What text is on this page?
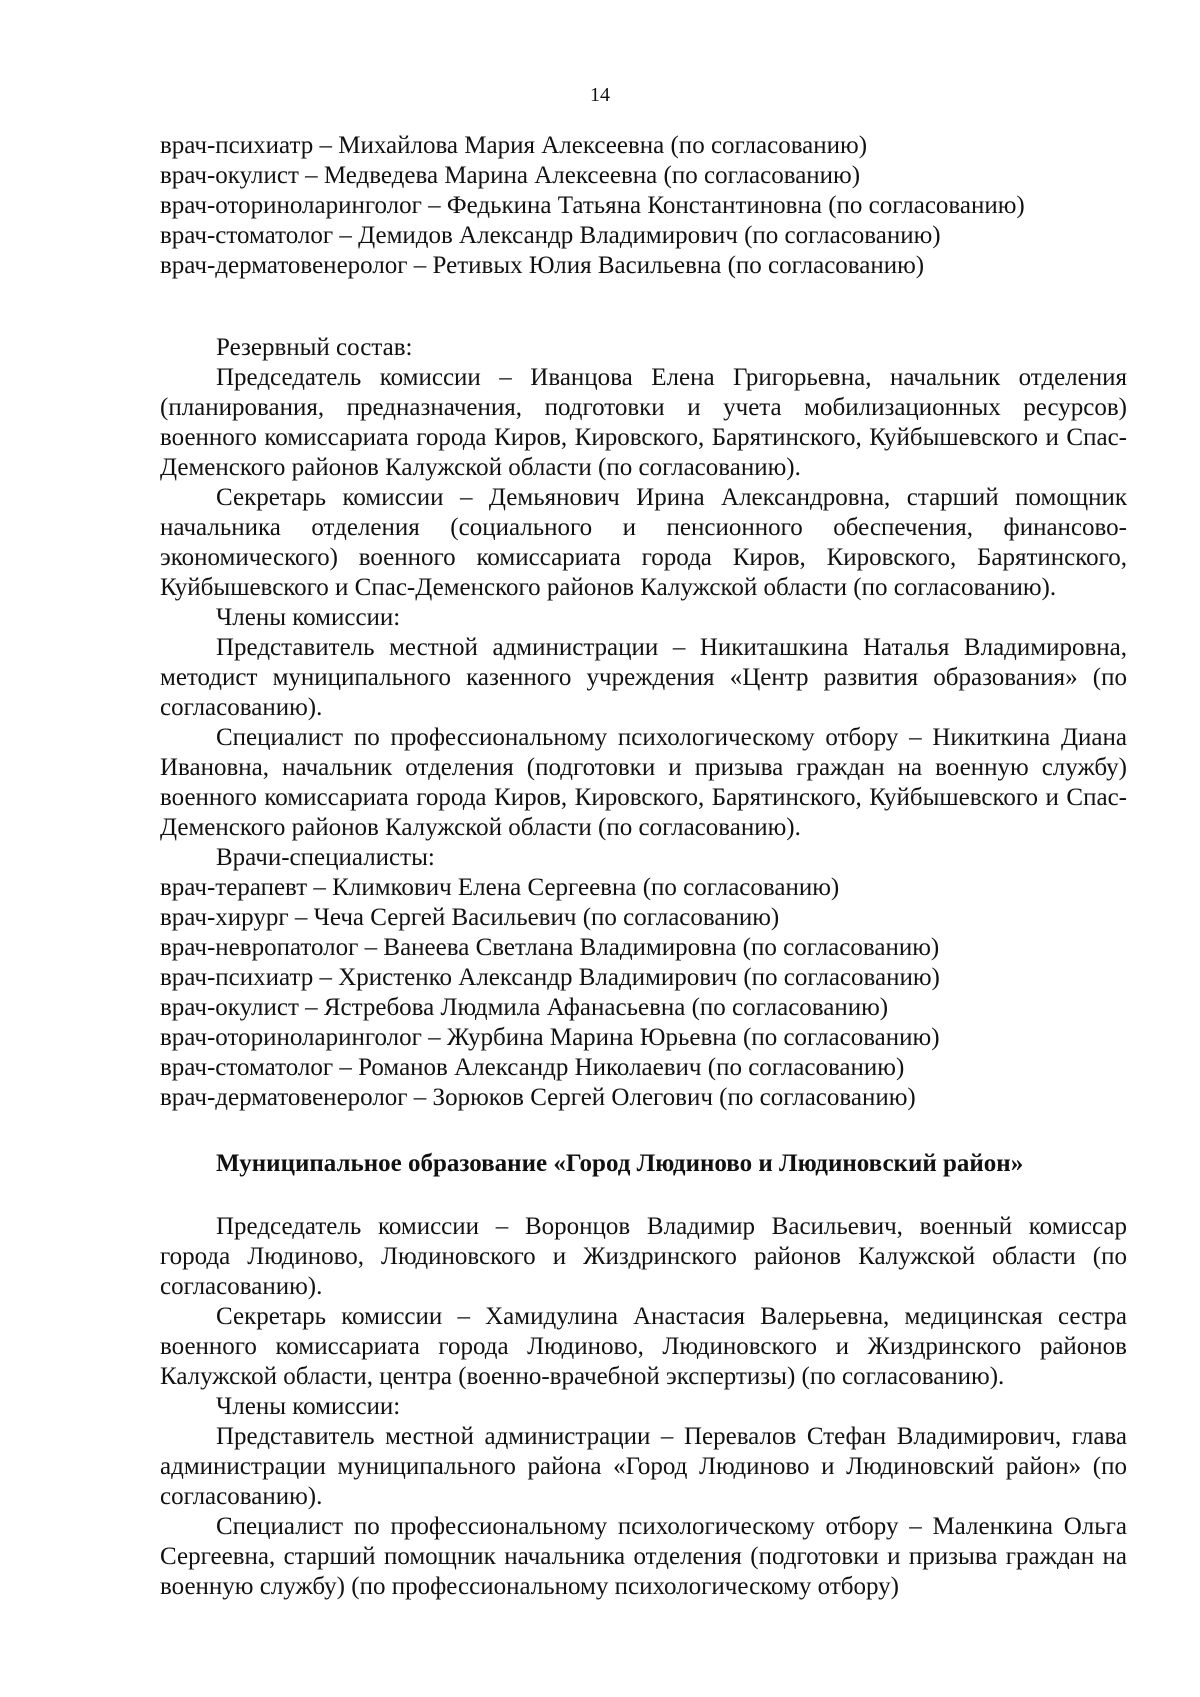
14
врач-психиатр – Михайлова Мария Алексеевна (по согласованию)
врач-окулист – Медведева Марина Алексеевна (по согласованию)
врач-оториноларинголог – Федькина Татьяна Константиновна (по согласованию)
врач-стоматолог – Демидов Александр Владимирович (по согласованию)
врач-дерматовенеролог – Ретивых Юлия Васильевна (по согласованию)

Резервный состав:

Председатель комиссии – Иванцова Елена Григорьевна, начальник отделения (планирования, предназначения, подготовки и учета мобилизационных ресурсов) военного комиссариата города Киров, Кировского, Барятинского, Куйбышевского и Спас-Деменского районов Калужской области (по согласованию).

Секретарь комиссии – Демьянович Ирина Александровна, старший помощник начальника отделения (социального и пенсионного обеспечения, финансово-экономического) военного комиссариата города Киров, Кировского, Барятинского, Куйбышевского и Спас-Деменского районов Калужской области (по согласованию).

Члены комиссии:

Представитель местной администрации – Никиташкина Наталья Владимировна, методист муниципального казенного учреждения «Центр развития образования» (по согласованию).

Специалист по профессиональному психологическому отбору – Никиткина Диана Ивановна, начальник отделения (подготовки и призыва граждан на военную службу) военного комиссариата города Киров, Кировского, Барятинского, Куйбышевского и Спас-Деменского районов Калужской области (по согласованию).

Врачи-специалисты:

врач-терапевт – Климкович Елена Сергеевна (по согласованию)
врач-хирург – Чеча Сергей Васильевич (по согласованию)
врач-невропатолог – Ванеева Светлана Владимировна (по согласованию)
врач-психиатр – Христенко Александр Владимирович (по согласованию)
врач-окулист – Ястребова Людмила Афанасьевна (по согласованию)
врач-оториноларинголог – Журбина Марина Юрьевна (по согласованию)
врач-стоматолог – Романов Александр Николаевич (по согласованию)
врач-дерматовенеролог – Зорюков Сергей Олегович (по согласованию)
Муниципальное образование «Город Людиново и Людиновский район»

Председатель комиссии – Воронцов Владимир Васильевич, военный комиссар города Людиново, Людиновского и Жиздринского районов Калужской области (по согласованию).

Секретарь комиссии – Хамидулина Анастасия Валерьевна, медицинская сестра военного комиссариата города Людиново, Людиновского и Жиздринского районов Калужской области, центра (военно-врачебной экспертизы) (по согласованию).

Члены комиссии:

Представитель местной администрации – Перевалов Стефан Владимирович, глава администрации муниципального района «Город Людиново и Людиновский район» (по согласованию).

Специалист по профессиональному психологическому отбору – Маленкина Ольга Сергеевна, старший помощник начальника отделения (подготовки и призыва граждан на военную службу) (по профессиональному психологическому отбору)
